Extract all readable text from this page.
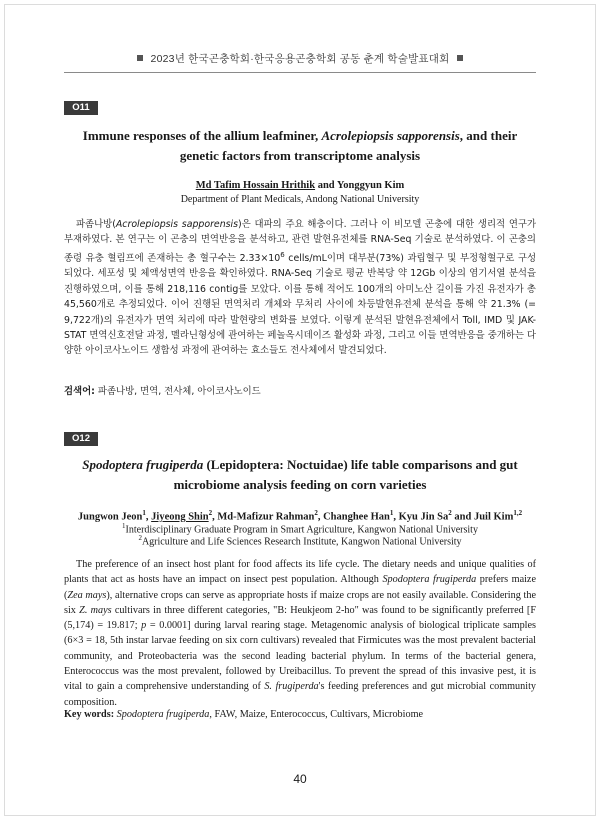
2023년 한국곤충학회·한국응용곤충학회 공동 춘계 학술발표대회
O11
Immune responses of the allium leafminer, Acrolepiopsis sapporensis, and their genetic factors from transcriptome analysis
Md Tafim Hossain Hrithik and Yonggyun Kim
Department of Plant Medicals, Andong National University

파좀나방(Acrolepiopsis sapporensis)은 대파의 주요 해충이다. 그러나 이 비모델 곤충에 대한 생리적 연구가 부재하였다. 본 연구는 이 곤충의 면역반응을 분석하고, 관련 발현유전체를 RNA-Seq 기술로 분석하였다. 이 곤충의 종령 유충 혈림프에 존재하는 총 혈구수는 $2.33\times 10^6$ cells/mL이며 대부분(73%) 과립혈구 및 부정형혈구로 구성되었다. 세포성 및 체액성면역 반응을 확인하였다. RNA-Seq 기술로 평균 반복당 약 12Gb 이상의 염기서열 분석을 진행하였으며, 이를 통해 218,116 contig를 모았다. 이를 통해 적어도 100개의 아미노산 길이를 가진 유전자가 총 45,560개로 추정되었다. 이어 진행된 면역처리 개체와 무처리 사이에 차등발현유전체 분석을 통해 약 21.3% (= 9,722개)의 유전자가 면역 처리에 따라 발현량의 변화를 보였다. 이렇게 분석된 발현유전체에서 Toll, IMD 및 JAK-STAT 면역신호전달 과정, 멜라닌형성에 관여하는 페놀옥시데이즈 활성화 과정, 그리고 이들 면역반응을 중개하는 다양한 아이코사노이드 생합성 과정에 관여하는 효소들도 전사체에서 발견되었다.

검색어: 파좀나방, 면역, 전사체, 아이코사노이드
O12
Spodoptera frugiperda (Lepidoptera: Noctuidae) life table comparisons and gut microbiome analysis feeding on corn varieties
Jungwon Jeon$^1$, Jiyeong Shin$^2$, Md-Mafizur Rahman$^2$, Changhee Han$^1$, Kyu Jin Sa$^2$ and Juil Kim$^{1,2}$
$^1$Interdisciplinary Graduate Program in Smart Agriculture, Kangwon National University
$^2$Agriculture and Life Sciences Research Institute, Kangwon National University

The preference of an insect host plant for food affects its life cycle. The dietary needs and unique qualities of plants that act as hosts have an impact on insect pest population. Although Spodoptera frugiperda prefers maize (Zea mays), alternative crops can serve as appropriate hosts if maize crops are not easily available. Considering the six Z. mays cultivars in three different categories, "B: Heukjeom 2-ho" was found to be significantly preferred [F (5,174) = 19.817; p = 0.0001] during larval rearing stage. Metagenomic analysis of biological triplicate samples (6×3 = 18, 5th instar larvae feeding on six corn cultivars) revealed that Firmicutes was the most prevalent bacterial community, and Proteobacteria was the second leading bacterial phylum. In terms of the bacterial genera, Enterococcus was the most prevalent, followed by Ureibacillus. To prevent the spread of this invasive pest, it is vital to gain a comprehensive understanding of S. frugiperda's feeding preferences and gut microbial community composition.

Key words: Spodoptera frugiperda, FAW, Maize, Enterococcus, Cultivars, Microbiome
40
